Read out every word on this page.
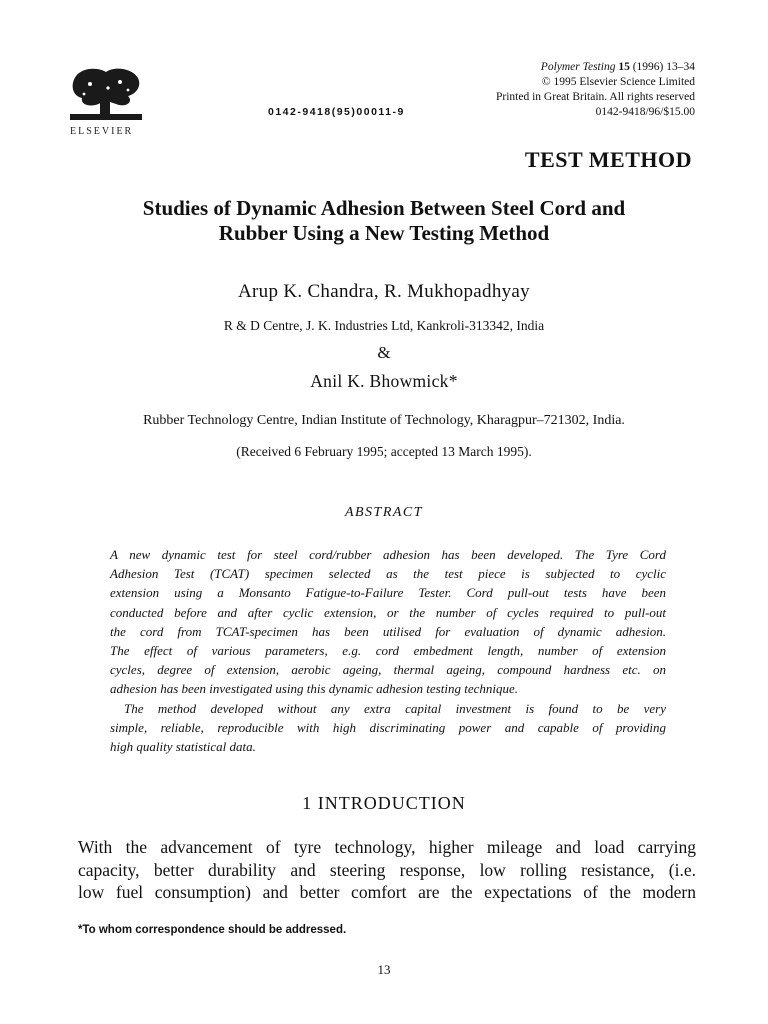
ELSEVIER
0142-9418(95)00011-9
Polymer Testing 15 (1996) 13–34
© 1995 Elsevier Science Limited
Printed in Great Britain. All rights reserved
0142-9418/96/$15.00
TEST METHOD
Studies of Dynamic Adhesion Between Steel Cord and
Rubber Using a New Testing Method
Arup K. Chandra, R. Mukhopadhyay
R & D Centre, J. K. Industries Ltd, Kankroli-313342, India
&
Anil K. Bhowmick*
Rubber Technology Centre, Indian Institute of Technology, Kharagpur–721302, India.
(Received 6 February 1995; accepted 13 March 1995).
ABSTRACT
A new dynamic test for steel cord/rubber adhesion has been developed. The Tyre Cord
Adhesion Test (TCAT) specimen selected as the test piece is subjected to cyclic
extension using a Monsanto Fatigue-to-Failure Tester. Cord pull-out tests have been
conducted before and after cyclic extension, or the number of cycles required to pull-out
the cord from TCAT-specimen has been utilised for evaluation of dynamic adhesion.
The effect of various parameters, e.g. cord embedment length, number of extension
cycles, degree of extension, aerobic ageing, thermal ageing, compound hardness etc. on
adhesion has been investigated using this dynamic adhesion testing technique.
The method developed without any extra capital investment is found to be very
simple, reliable, reproducible with high discriminating power and capable of providing
high quality statistical data.
1 INTRODUCTION
With the advancement of tyre technology, higher mileage and load carrying
capacity, better durability and steering response, low rolling resistance, (i.e.
low fuel consumption) and better comfort are the expectations of the modern
*To whom correspondence should be addressed.
13
